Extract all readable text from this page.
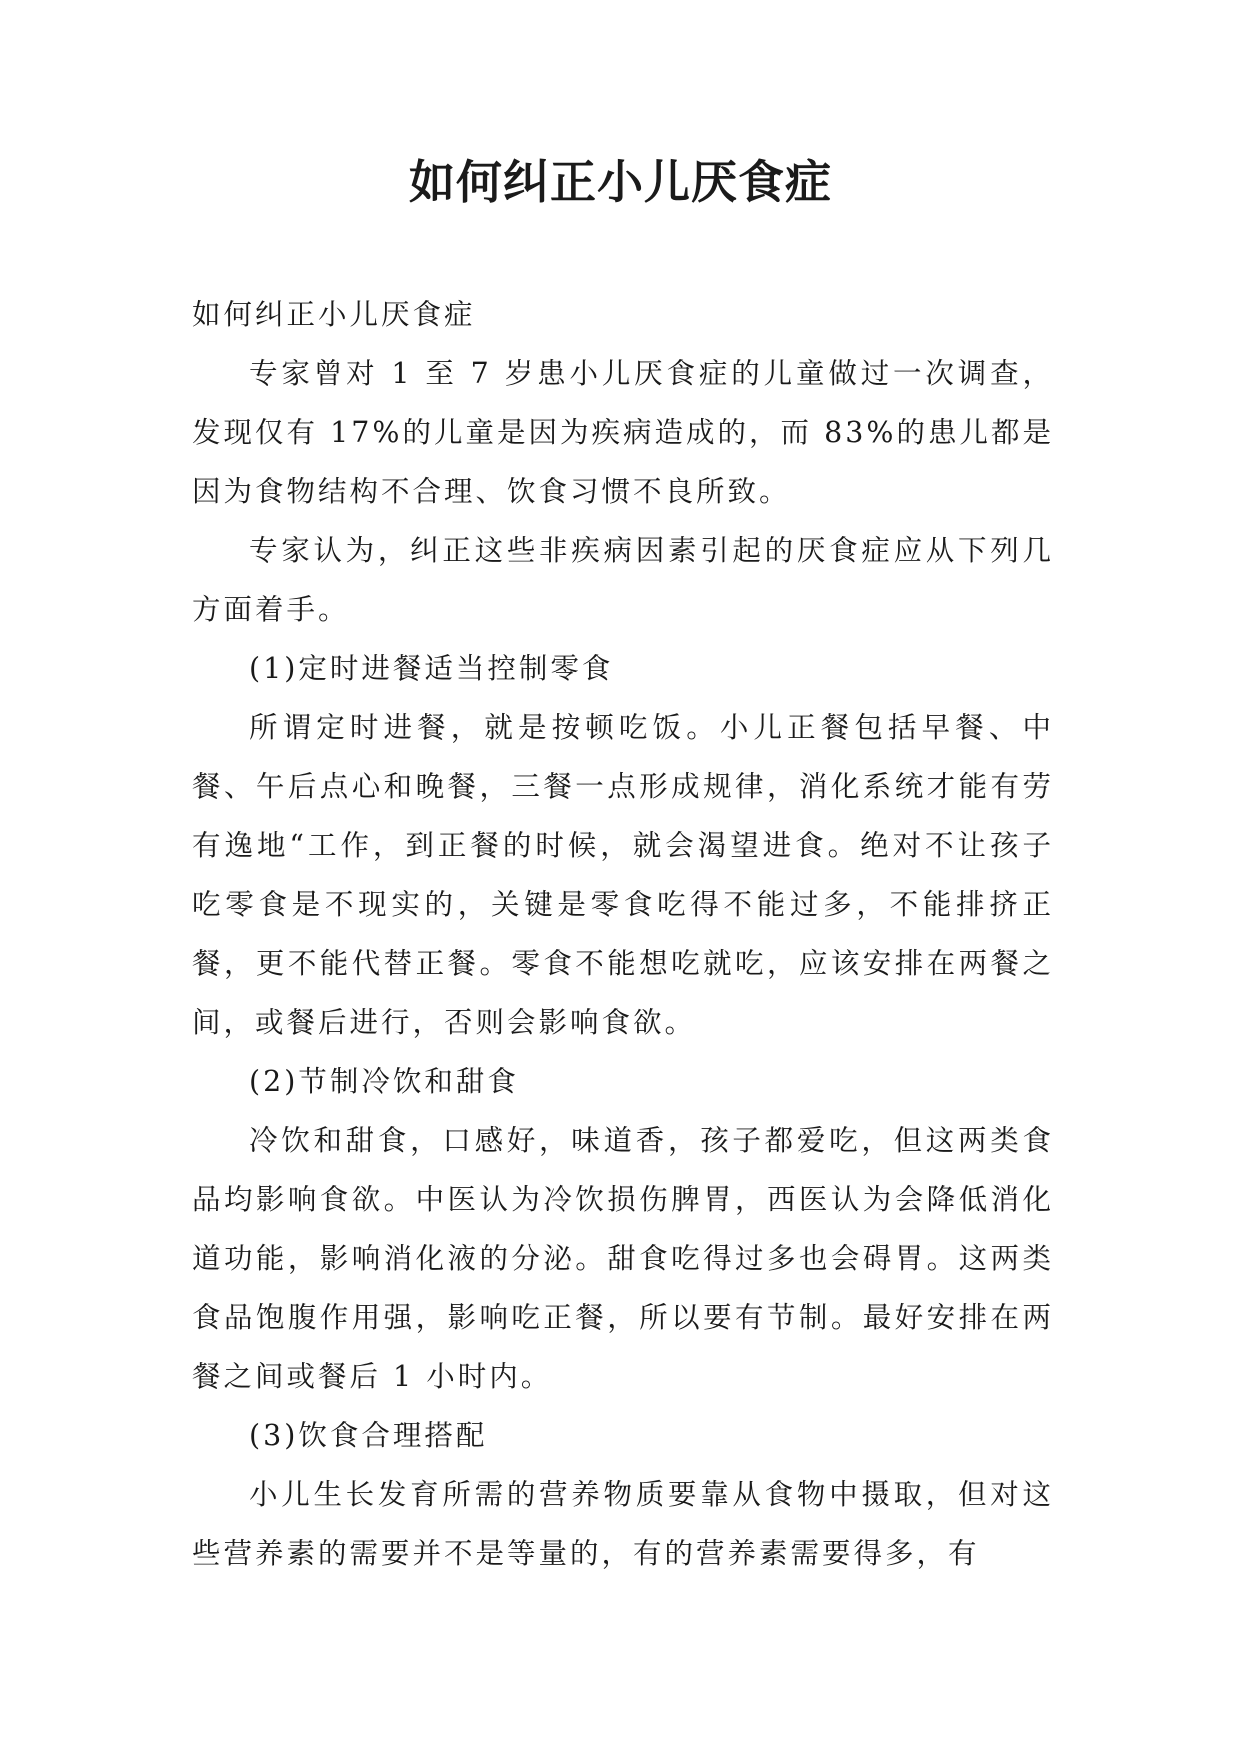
如何纠正小儿厌食症

如何纠正小儿厌食症

专家曾对 1 至 7 岁患小儿厌食症的儿童做过一次调查，发现仅有 17%的儿童是因为疾病造成的，而 83%的患儿都是因为食物结构不合理、饮食习惯不良所致。

专家认为，纠正这些非疾病因素引起的厌食症应从下列几方面着手。

(1)定时进餐适当控制零食

所谓定时进餐，就是按顿吃饭。小儿正餐包括早餐、中餐、午后点心和晚餐，三餐一点形成规律，消化系统才能有劳有逸地“工作，到正餐的时候，就会渴望进食。绝对不让孩子吃零食是不现实的，关键是零食吃得不能过多，不能排挤正餐，更不能代替正餐。零食不能想吃就吃，应该安排在两餐之间，或餐后进行，否则会影响食欲。

(2)节制冷饮和甜食

冷饮和甜食，口感好，味道香，孩子都爱吃，但这两类食品均影响食欲。中医认为冷饮损伤脾胃，西医认为会降低消化道功能，影响消化液的分泌。甜食吃得过多也会碍胃。这两类食品饱腹作用强，影响吃正餐，所以要有节制。最好安排在两餐之间或餐后 1 小时内。

(3)饮食合理搭配

小儿生长发育所需的营养物质要靠从食物中摄取，但对这些营养素的需要并不是等量的，有的营养素需要得多，有
